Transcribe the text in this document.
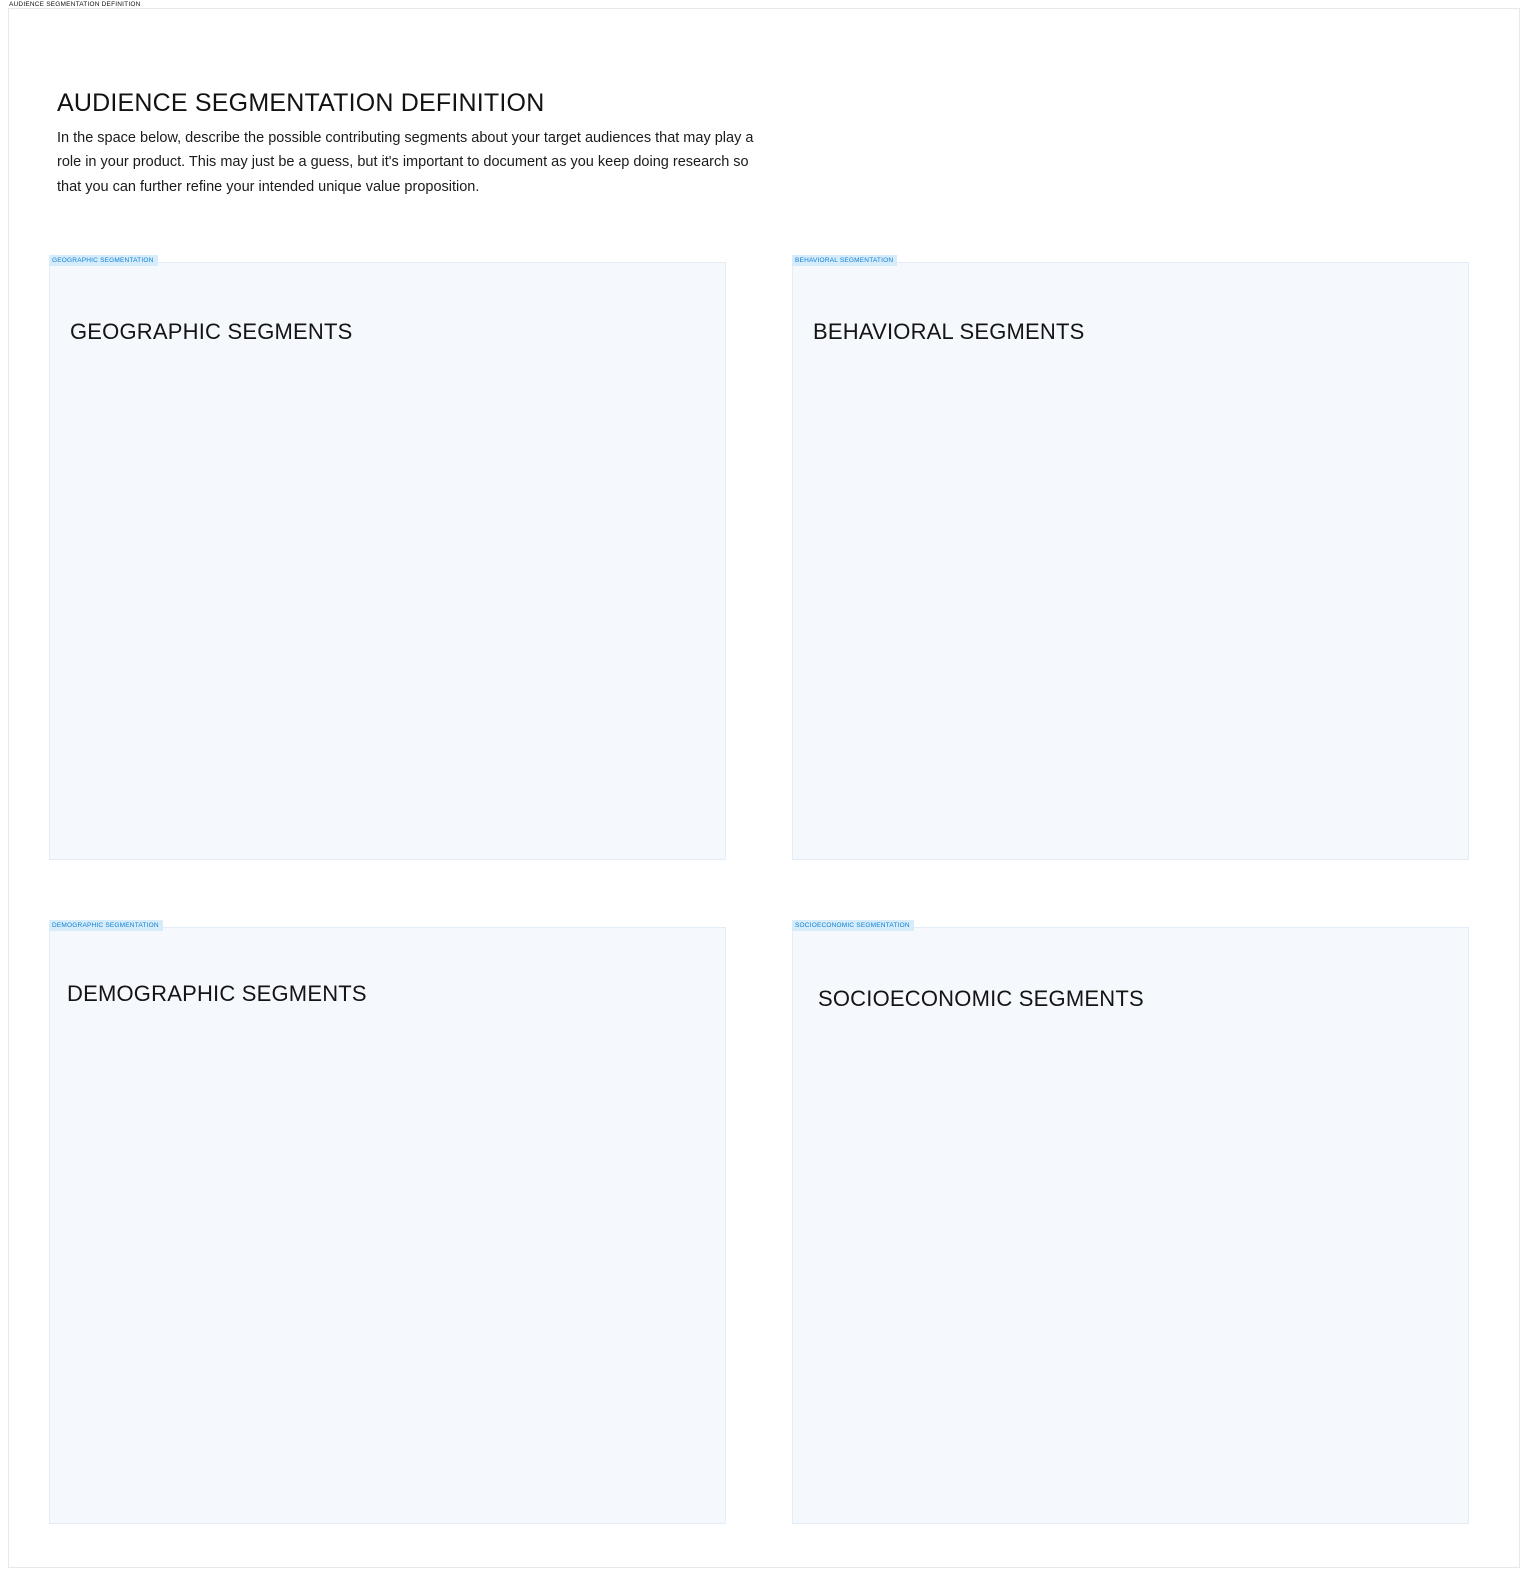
AUDIENCE SEGMENTATION DEFINITION
AUDIENCE SEGMENTATION DEFINITION

In the space below, describe the possible contributing segments about your target audiences that may play a role in your product. This may just be a guess, but it's important to document as you keep doing research so that you can further refine your intended unique value proposition.

GEOGRAPHIC SEGMENTATION
GEOGRAPHIC SEGMENTS
BEHAVIORAL SEGMENTATION
BEHAVIORAL SEGMENTS
DEMOGRAPHIC SEGMENTATION
DEMOGRAPHIC SEGMENTS
SOCIOECONOMIC SEGMENTATION
SOCIOECONOMIC SEGMENTS
